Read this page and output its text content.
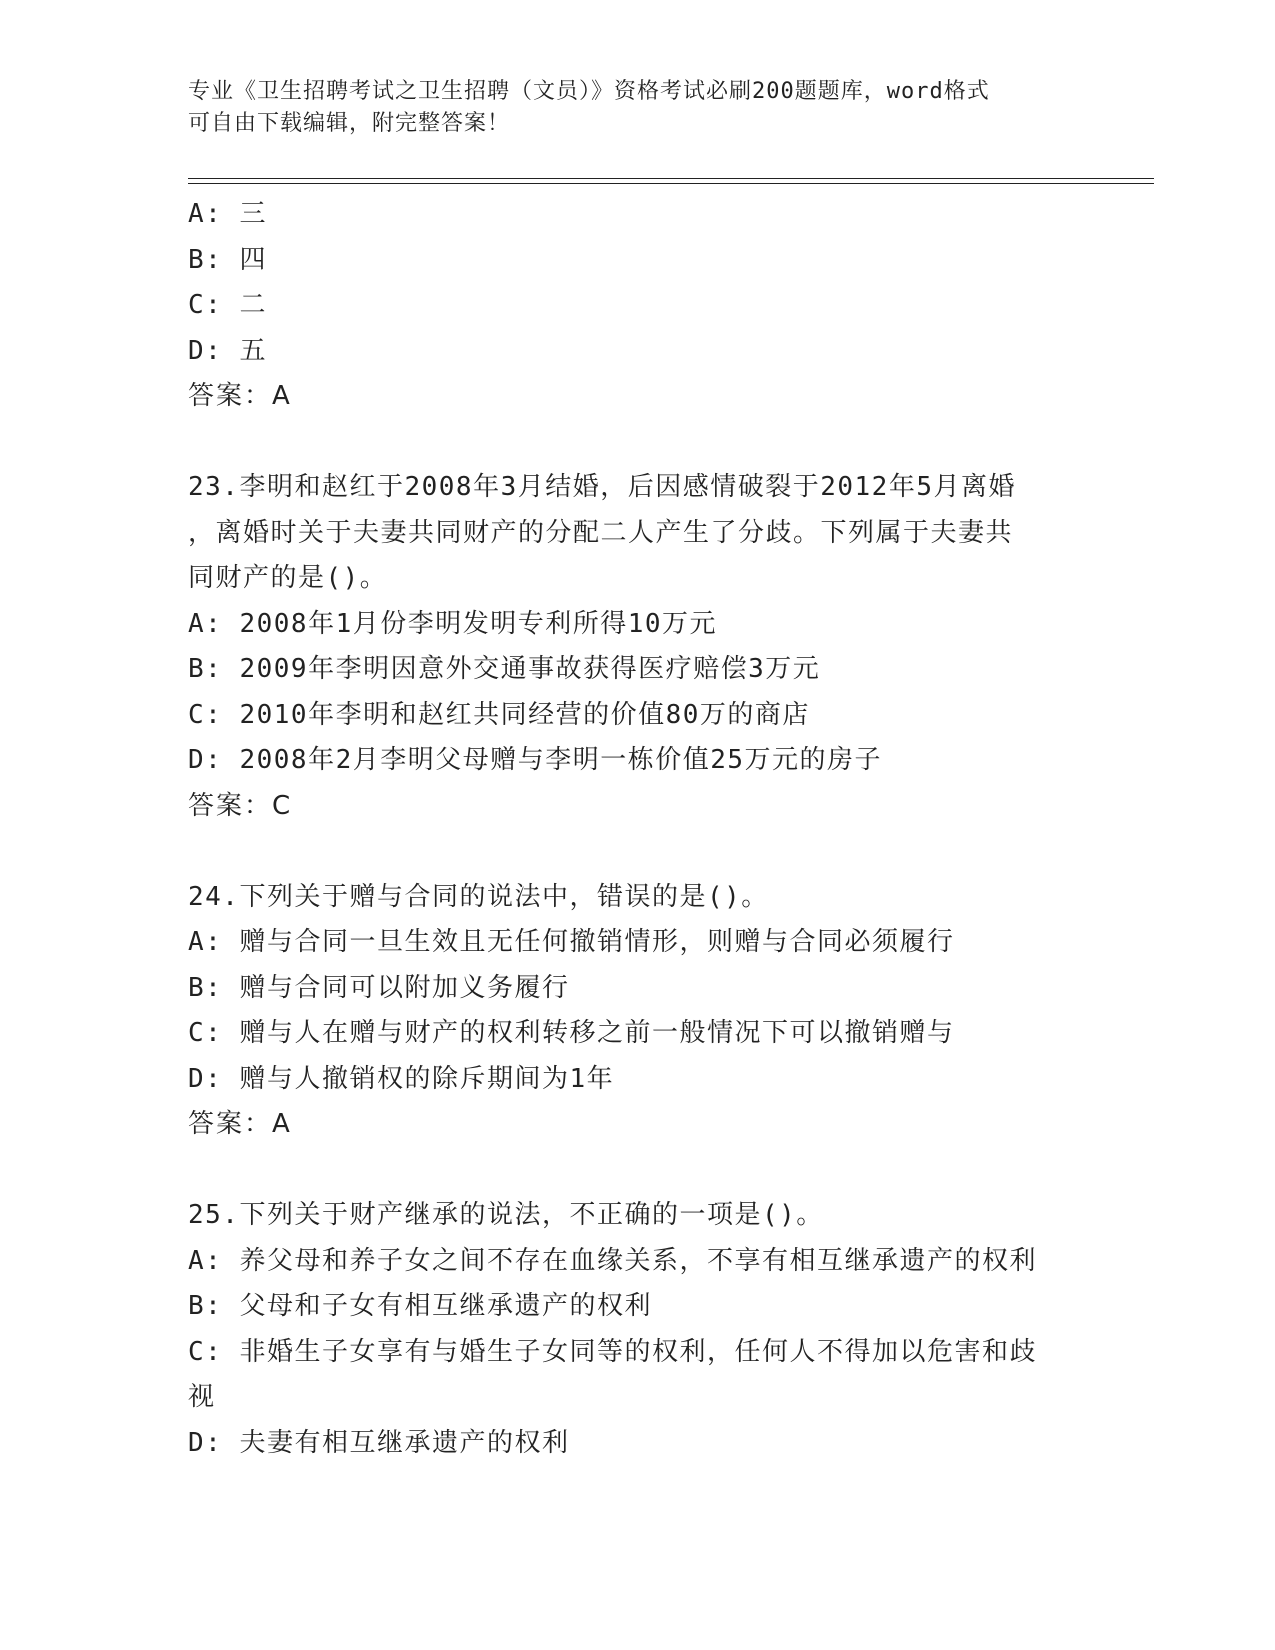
专业《卫生招聘考试之卫生招聘（文员）》资格考试必刷200题题库，word格式
可自由下载编辑，附完整答案！
A: 三
B: 四
C: 二
D: 五
答案：A
23.李明和赵红于2008年3月结婚，后因感情破裂于2012年5月离婚
，离婚时关于夫妻共同财产的分配二人产生了分歧。下列属于夫妻共
同财产的是()。
A: 2008年1月份李明发明专利所得10万元
B: 2009年李明因意外交通事故获得医疗赔偿3万元
C: 2010年李明和赵红共同经营的价值80万的商店
D: 2008年2月李明父母赠与李明一栋价值25万元的房子
答案：C
24.下列关于赠与合同的说法中，错误的是()。
A: 赠与合同一旦生效且无任何撤销情形，则赠与合同必须履行
B: 赠与合同可以附加义务履行
C: 赠与人在赠与财产的权利转移之前一般情况下可以撤销赠与
D: 赠与人撤销权的除斥期间为1年
答案：A
25.下列关于财产继承的说法，不正确的一项是()。
A: 养父母和养子女之间不存在血缘关系，不享有相互继承遗产的权利
B: 父母和子女有相互继承遗产的权利
C: 非婚生子女享有与婚生子女同等的权利，任何人不得加以危害和歧
视
D: 夫妻有相互继承遗产的权利
